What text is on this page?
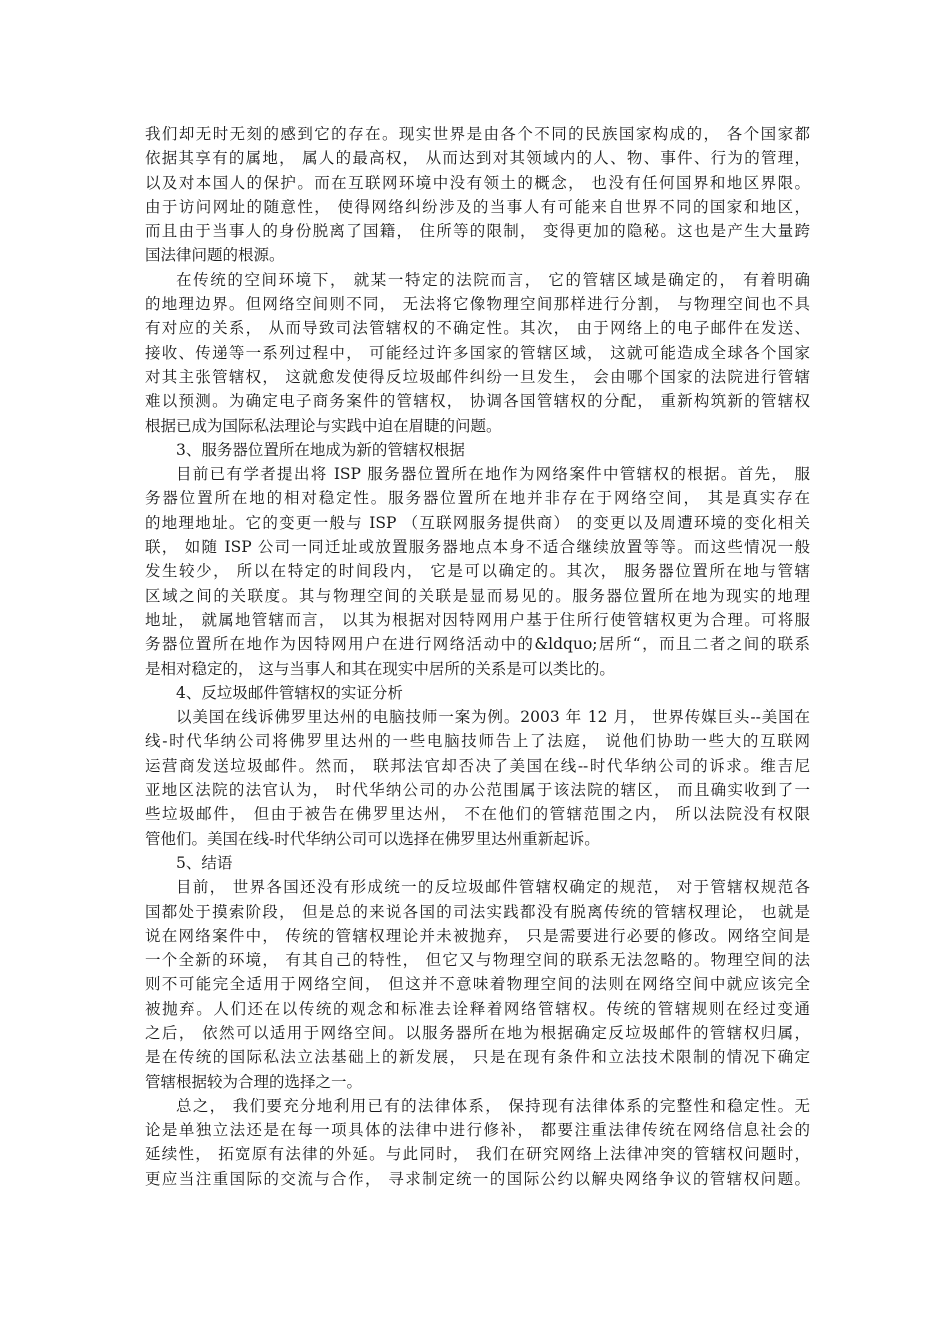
我们却无时无刻的感到它的存在。现实世界是由各个不同的民族国家构成的， 各个国家都
依据其享有的属地， 属人的最高权， 从而达到对其领域内的人、物、事件、行为的管理，
以及对本国人的保护。而在互联网环境中没有领土的概念， 也没有任何国界和地区界限。
由于访问网址的随意性， 使得网络纠纷涉及的当事人有可能来自世界不同的国家和地区，
而且由于当事人的身份脱离了国籍， 住所等的限制， 变得更加的隐秘。这也是产生大量跨
国法律问题的根源。
在传统的空间环境下， 就某一特定的法院而言， 它的管辖区域是确定的， 有着明确
的地理边界。但网络空间则不同， 无法将它像物理空间那样进行分割， 与物理空间也不具
有对应的关系， 从而导致司法管辖权的不确定性。其次， 由于网络上的电子邮件在发送、
接收、传递等一系列过程中， 可能经过许多国家的管辖区域， 这就可能造成全球各个国家
对其主张管辖权， 这就愈发使得反垃圾邮件纠纷一旦发生， 会由哪个国家的法院进行管辖
难以预测。为确定电子商务案件的管辖权， 协调各国管辖权的分配， 重新构筑新的管辖权
根据已成为国际私法理论与实践中迫在眉睫的问题。
3、服务器位置所在地成为新的管辖权根据
目前已有学者提出将 ISP 服务器位置所在地作为网络案件中管辖权的根据。首先， 服
务器位置所在地的相对稳定性。服务器位置所在地并非存在于网络空间， 其是真实存在
的地理地址。它的变更一般与 ISP （互联网服务提供商） 的变更以及周遭环境的变化相关
联， 如随 ISP 公司一同迁址或放置服务器地点本身不适合继续放置等等。而这些情况一般
发生较少， 所以在特定的时间段内， 它是可以确定的。其次， 服务器位置所在地与管辖
区域之间的关联度。其与物理空间的关联是显而易见的。服务器位置所在地为现实的地理
地址， 就属地管辖而言， 以其为根据对因特网用户基于住所行使管辖权更为合理。可将服
务器位置所在地作为因特网用户在进行网络活动中的&ldquo;居所“，而且二者之间的联系
是相对稳定的， 这与当事人和其在现实中居所的关系是可以类比的。
4、反垃圾邮件管辖权的实证分析
以美国在线诉佛罗里达州的电脑技师一案为例。2003 年 12 月， 世界传媒巨头--美国在
线-时代华纳公司将佛罗里达州的一些电脑技师告上了法庭， 说他们协助一些大的互联网
运营商发送垃圾邮件。然而， 联邦法官却否决了美国在线--时代华纳公司的诉求。维吉尼
亚地区法院的法官认为， 时代华纳公司的办公范围属于该法院的辖区， 而且确实收到了一
些垃圾邮件， 但由于被告在佛罗里达州， 不在他们的管辖范围之内， 所以法院没有权限
管他们。美国在线-时代华纳公司可以选择在佛罗里达州重新起诉。
5、结语
目前， 世界各国还没有形成统一的反垃圾邮件管辖权确定的规范， 对于管辖权规范各
国都处于摸索阶段， 但是总的来说各国的司法实践都没有脱离传统的管辖权理论， 也就是
说在网络案件中， 传统的管辖权理论并未被抛弃， 只是需要进行必要的修改。网络空间是
一个全新的环境， 有其自己的特性， 但它又与物理空间的联系无法忽略的。物理空间的法
则不可能完全适用于网络空间， 但这并不意味着物理空间的法则在网络空间中就应该完全
被抛弃。人们还在以传统的观念和标准去诠释着网络管辖权。传统的管辖规则在经过变通
之后， 依然可以适用于网络空间。以服务器所在地为根据确定反垃圾邮件的管辖权归属，
是在传统的国际私法立法基础上的新发展， 只是在现有条件和立法技术限制的情况下确定
管辖根据较为合理的选择之一。
总之， 我们要充分地利用已有的法律体系， 保持现有法律体系的完整性和稳定性。无
论是单独立法还是在每一项具体的法律中进行修补， 都要注重法律传统在网络信息社会的
延续性， 拓宽原有法律的外延。与此同时， 我们在研究网络上法律冲突的管辖权问题时，
更应当注重国际的交流与合作， 寻求制定统一的国际公约以解央网络争议的管辖权问题。
